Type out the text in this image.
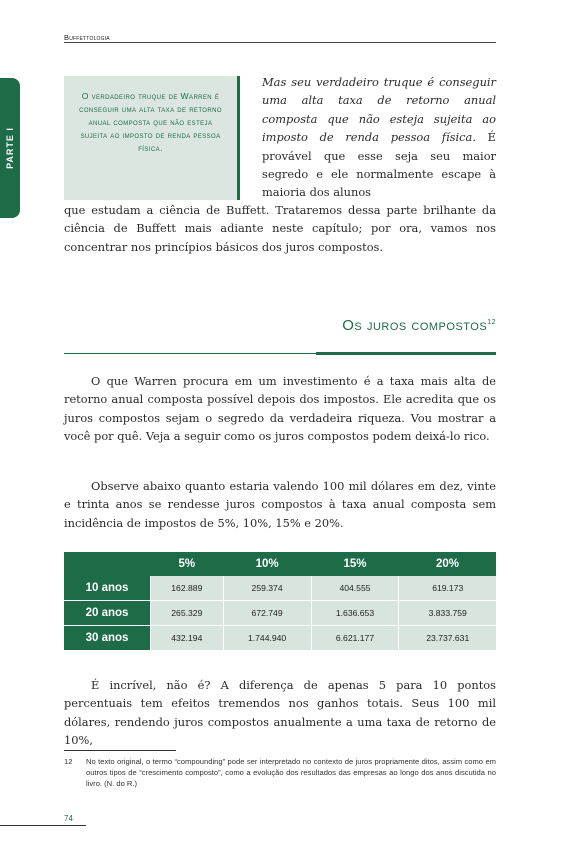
Buffettologia
PARTE I
O verdadeiro truque de Warren é conseguir uma alta taxa de retorno anual composta que não esteja sujeita ao imposto de renda pessoa física.
Mas seu verdadeiro truque é conseguir uma alta taxa de retorno anual composta que não esteja sujeita ao imposto de renda pessoa física. É provável que esse seja seu maior segredo e ele normalmente escape à maioria dos alunos
que estudam a ciência de Buffett. Trataremos dessa parte brilhante da ciência de Buffett mais adiante neste capítulo; por ora, vamos nos concentrar nos princípios básicos dos juros compostos.
Os juros compostos$^{12}$
O que Warren procura em um investimento é a taxa mais alta de retorno anual composta possível depois dos impostos. Ele acredita que os juros compostos sejam o segredo da verdadeira riqueza. Vou mostrar a você por quê. Veja a seguir como os juros compostos podem deixá-lo rico.
Observe abaixo quanto estaria valendo 100 mil dólares em dez, vinte e trinta anos se rendesse juros compostos à taxa anual composta sem incidência de impostos de 5%, 10%, 15% e 20%.
	5%	10%	15%	20%
10 anos	162.889	259.374	404.555	619.173
20 anos	265.329	672.749	1.636.653	3.833.759
30 anos	432.194	1.744.940	6.621.177	23.737.631
É incrível, não é? A diferença de apenas 5 para 10 pontos percentuais tem efeitos tremendos nos ganhos totais. Seus 100 mil dólares, rendendo juros compostos anualmente a uma taxa de retorno de 10%,
12 No texto original, o termo “compounding” pode ser interpretado no contexto de juros propriamente ditos, assim como em outros tipos de “crescimento composto”, como a evolução dos resultados das empresas ao longo dos anos discutida no livro. (N. do R.)
74
